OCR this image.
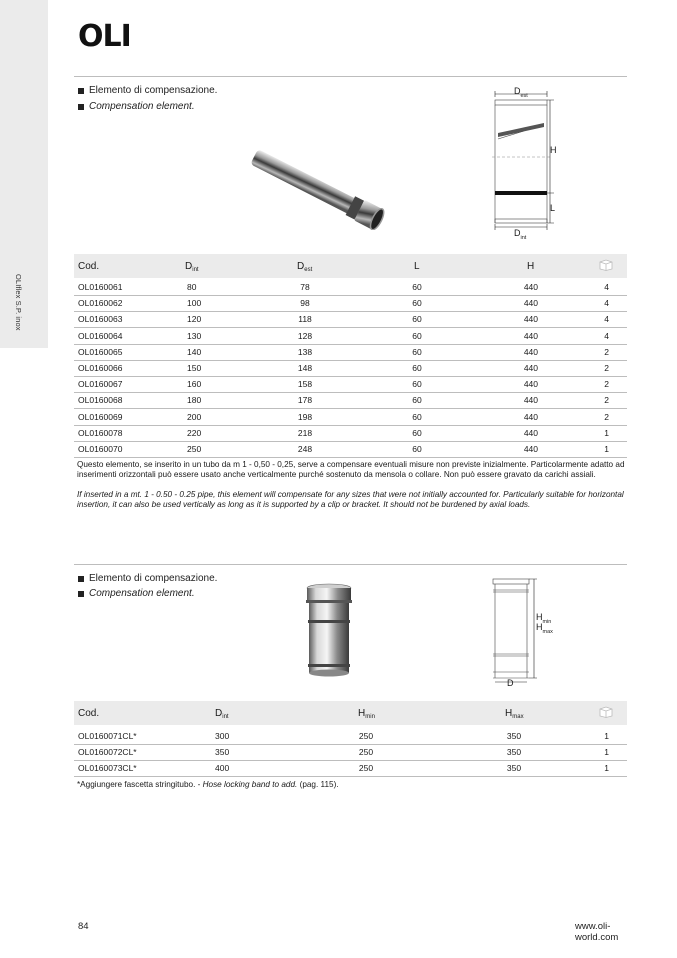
OLIflex S.P. inox
OLI
Elemento di compensazione.
Compensation element.
$D_{est}$
H
L
$D_{int}$
Cod.	$D_{int}$	$D_{est}$	L	H
OL0160061	80	78	60	440	4
OL0160062	100	98	60	440	4
OL0160063	120	118	60	440	4
OL0160064	130	128	60	440	4
OL0160065	140	138	60	440	2
OL0160066	150	148	60	440	2
OL0160067	160	158	60	440	2
OL0160068	180	178	60	440	2
OL0160069	200	198	60	440	2
OL0160078	220	218	60	440	1
OL0160070	250	248	60	440	1
Questo elemento, se inserito in un tubo da m 1 - 0,50 - 0,25, serve a compensare eventuali misure non previste inizialmente. Particolarmente adatto ad inserimenti orizzontali può essere usato anche verticalmente purché sostenuto da mensola o collare. Non può essere gravato da carichi assiali.
If inserted in a mt. 1 - 0.50 - 0.25 pipe, this element will compensate for any sizes that were not initially accounted for. Particularly suitable for horizontal insertion, it can also be used vertically as long as it is supported by a clip or bracket. It should not be burdened by axial loads.
Elemento di compensazione.
Compensation element.
$H_{min}$
$H_{max}$
D
Cod.	$D_{int}$	$H_{min}$	$H_{max}$
OL0160071CL*	300	250	350	1
OL0160072CL*	350	250	350	1
OL0160073CL*	400	250	350	1
*Aggiungere fascetta stringitubo. - Hose locking band to add. (pag. 115).
84	www.oli-world.com
